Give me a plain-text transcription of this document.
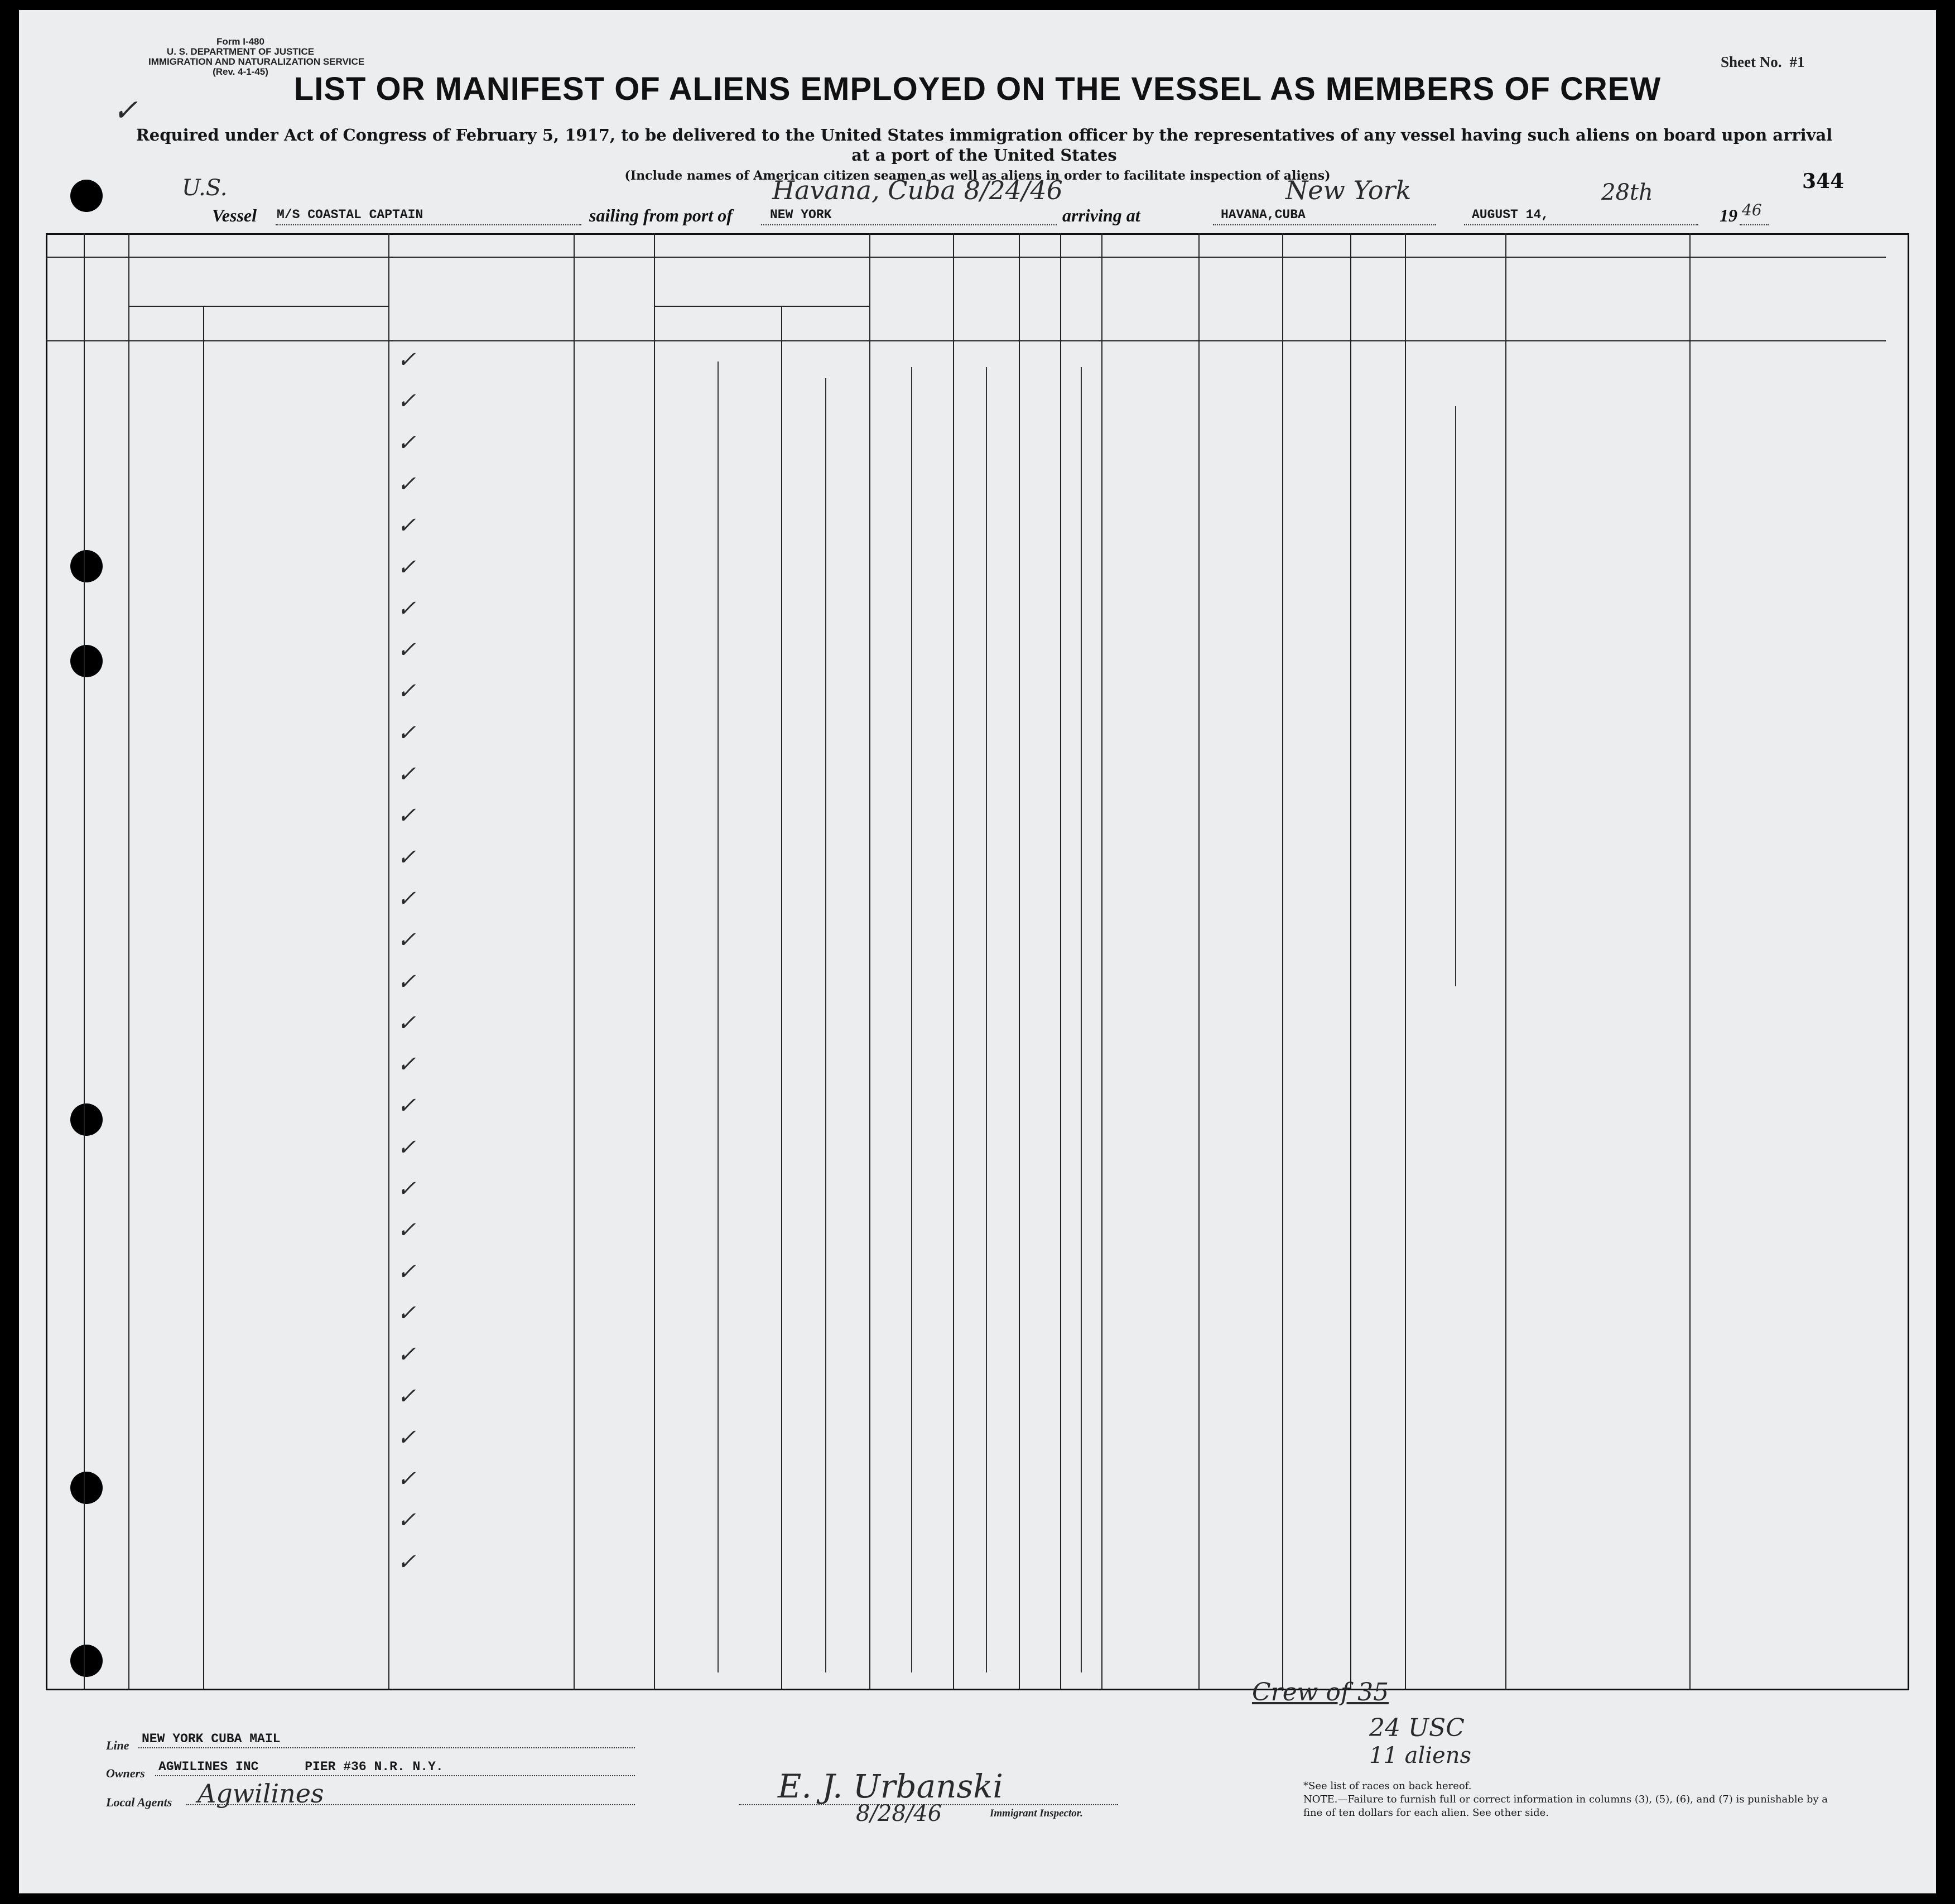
Form I-480
U. S. DEPARTMENT OF JUSTICE
IMMIGRATION AND NATURALIZATION SERVICE
(Rev. 4-1-45)
✓
Sheet No. #1
LIST OR MANIFEST OF ALIENS EMPLOYED ON THE VESSEL AS MEMBERS OF CREW
Required under Act of Congress of February 5, 1917, to be delivered to the United States immigration officer by the representatives of any vessel having such aliens on board upon arrival at a port of the United States
(Include names of American citizen seamen as well as aliens in order to facilitate inspection of aliens)	344
U.S.
Vessel M/S COASTAL CAPTAIN	sailing from port of	NEW YORK
Havana, Cuba 8/24/46
arriving at	HAVANA,CUBA
New York
AUGUST 14,
28th
19 46
✓
✓
✓
✓
✓
✓
✓
✓
✓
✓
✓
✓
✓
✓
✓
✓
✓
✓
✓
✓
✓
✓
✓
✓
✓
✓
✓
✓
✓
✓
Crew of 35
24 USC
11 aliens
Line NEW YORK CUBA MAIL
Owners AGWILINES INC      PIER #36 N.R. N.Y.
Local Agents Agwilines	E. J. Urbanski
8/28/46	Immigrant Inspector.
*See list of races on back hereof.
NOTE.—Failure to furnish full or correct information in columns (3), (5), (6), and (7) is punishable by a fine of ten dollars for each alien. See other side.
